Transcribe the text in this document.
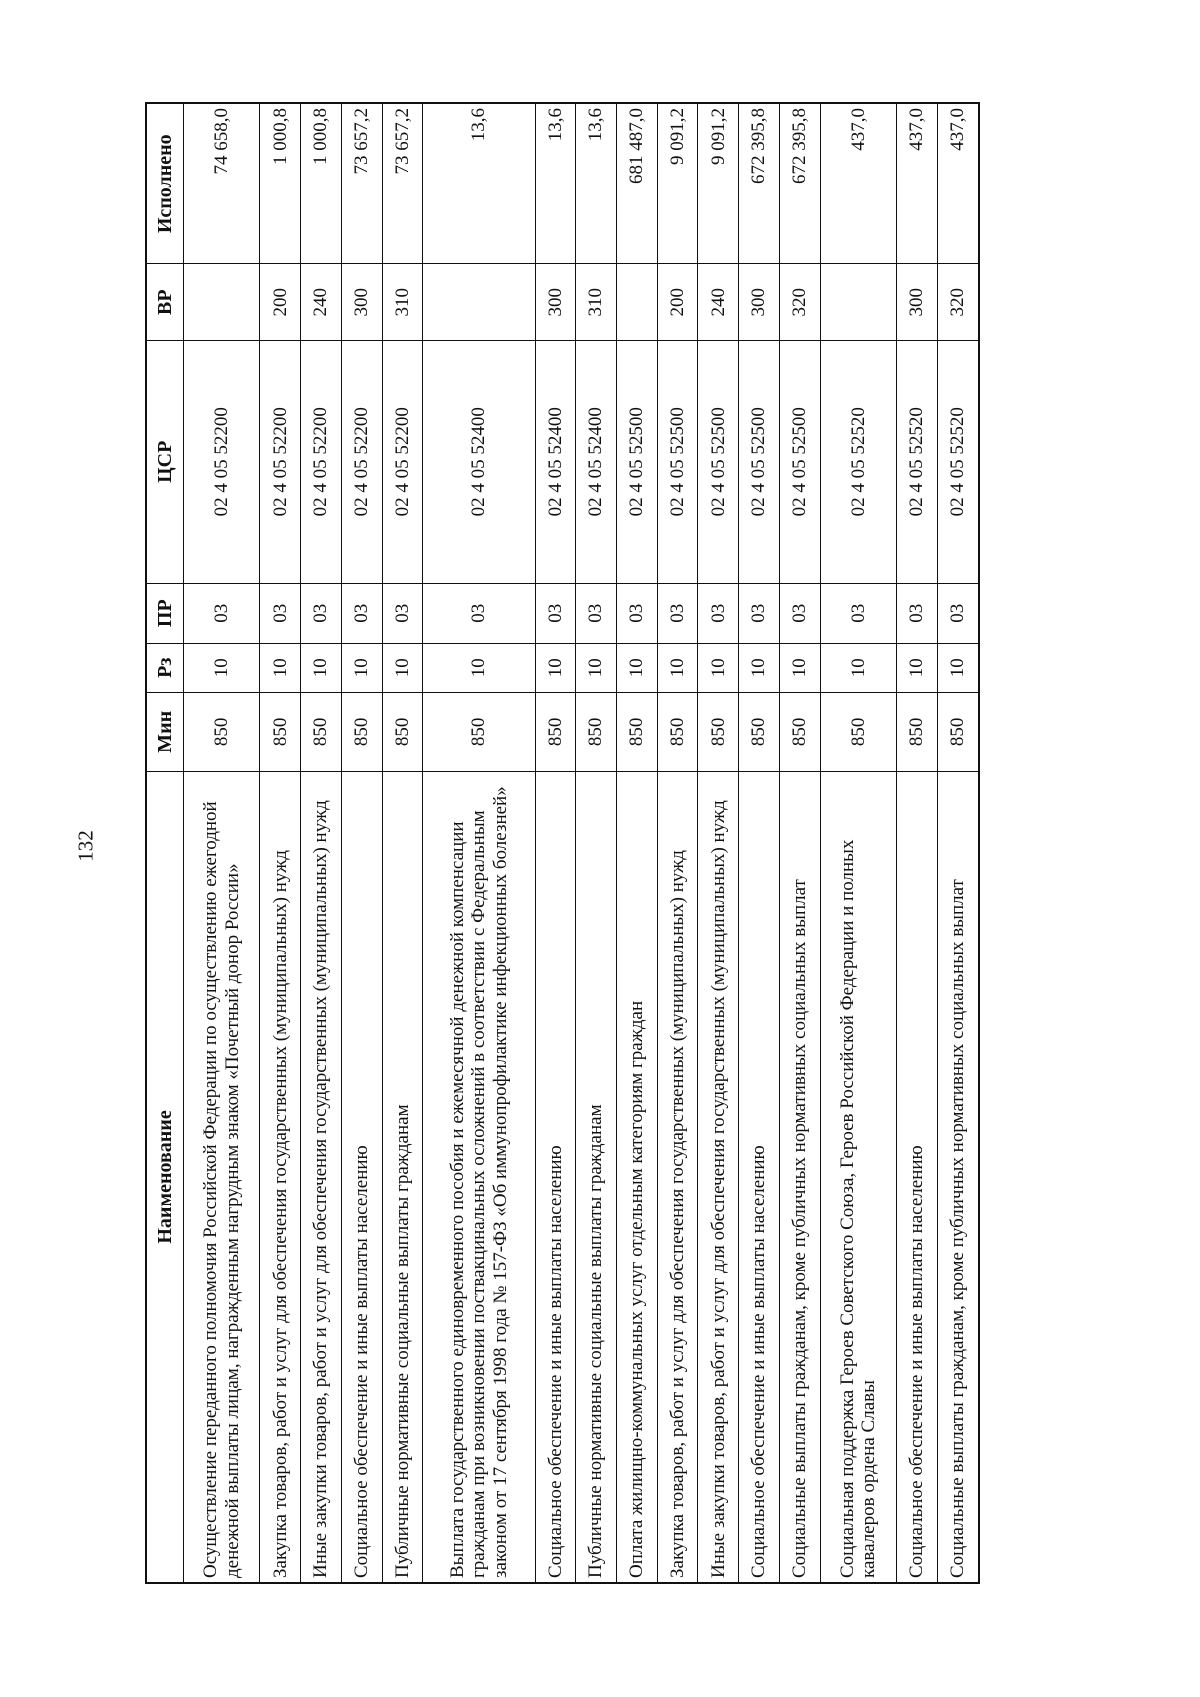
132
Наименование	Мин	Рз	ПР	ЦСР	ВР	Исполнено
Осуществление переданного полномочия Российской Федерации по осуществлению ежегодной денежной выплаты лицам, награжденным нагрудным знаком «Почетный донор России»	850	10	03	02 4 05 52200		74 658,0
Закупка товаров, работ и услуг для обеспечения государственных (муниципальных) нужд	850	10	03	02 4 05 52200	200	1 000,8
Иные закупки товаров, работ и услуг для обеспечения государственных (муниципальных) нужд	850	10	03	02 4 05 52200	240	1 000,8
Социальное обеспечение и иные выплаты населению	850	10	03	02 4 05 52200	300	73 657,2
Публичные нормативные социальные выплаты гражданам	850	10	03	02 4 05 52200	310	73 657,2
Выплата государственного единовременного пособия и ежемесячной денежной компенсации гражданам при возникновении поствакцинальных осложнений в соответствии с Федеральным законом от 17 сентября 1998 года № 157-ФЗ «Об иммунопрофилактике инфекционных болезней»	850	10	03	02 4 05 52400		13,6
Социальное обеспечение и иные выплаты населению	850	10	03	02 4 05 52400	300	13,6
Публичные нормативные социальные выплаты гражданам	850	10	03	02 4 05 52400	310	13,6
Оплата жилищно-коммунальных услуг отдельным категориям граждан	850	10	03	02 4 05 52500		681 487,0
Закупка товаров, работ и услуг для обеспечения государственных (муниципальных) нужд	850	10	03	02 4 05 52500	200	9 091,2
Иные закупки товаров, работ и услуг для обеспечения государственных (муниципальных) нужд	850	10	03	02 4 05 52500	240	9 091,2
Социальное обеспечение и иные выплаты населению	850	10	03	02 4 05 52500	300	672 395,8
Социальные выплаты гражданам, кроме публичных нормативных социальных выплат	850	10	03	02 4 05 52500	320	672 395,8
Социальная поддержка Героев Советского Союза, Героев Российской Федерации и полных кавалеров ордена Славы	850	10	03	02 4 05 52520		437,0
Социальное обеспечение и иные выплаты населению	850	10	03	02 4 05 52520	300	437,0
Социальные выплаты гражданам, кроме публичных нормативных социальных выплат	850	10	03	02 4 05 52520	320	437,0
